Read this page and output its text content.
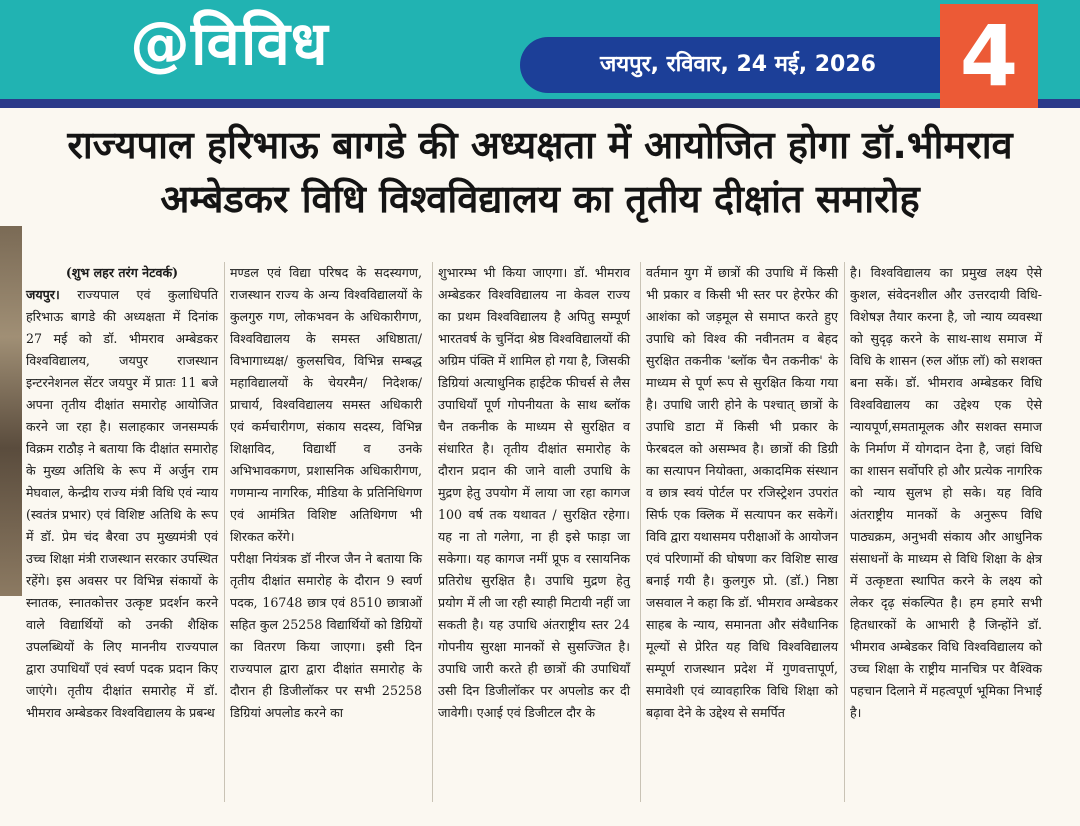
@विविध	जयपुर, रविवार, 24 मई, 2026 4
राज्यपाल हरिभाऊ बागडे की अध्यक्षता में आयोजित होगा डॉ.भीमराव
अम्बेडकर विधि विश्वविद्यालय का तृतीय दीक्षांत समारोह
(शुभ लहर तरंग नेटवर्क)

जयपुर। राज्यपाल एवं कुलाधिपति हरिभाऊ बागडे की अध्यक्षता में दिनांक 27 मई को डॉ. भीमराव अम्बेडकर विश्वविद्यालय, जयपुर राजस्थान इन्टरनेशनल सेंटर जयपुर में प्रातः 11 बजे अपना तृतीय दीक्षांत समारोह आयोजित करने जा रहा है। सलाहकार जनसम्पर्क विक्रम राठौड़ ने बताया कि दीक्षांत समारोह के मुख्य अतिथि के रूप में अर्जुन राम मेघवाल, केन्द्रीय राज्य मंत्री विधि एवं न्याय (स्वतंत्र प्रभार) एवं विशिष्ट अतिथि के रूप में डॉ. प्रेम चंद बैरवा उप मुख्यमंत्री एवं उच्च शिक्षा मंत्री राजस्थान सरकार उपस्थित रहेंगे। इस अवसर पर विभिन्न संकायों के स्नातक, स्नातकोत्तर उत्कृष्ट प्रदर्शन करने वाले विद्यार्थियों को उनकी शैक्षिक उपलब्धियों के लिए माननीय राज्यपाल द्वारा उपाधियाँ एवं स्वर्ण पदक प्रदान किए जाएंगे। तृतीय दीक्षांत समारोह में डॉ. भीमराव अम्बेडकर विश्वविद्यालय के प्रबन्ध

मण्डल एवं विद्या परिषद के सदस्यगण, राजस्थान राज्य के अन्य विश्वविद्यालयों के कुलगुरु गण, लोकभवन के अधिकारीगण, विश्वविद्यालय के समस्त अधिष्ठाता/ विभागाध्यक्ष/ कुलसचिव, विभिन्न सम्बद्ध महाविद्यालयों के चेयरमैन/ निदेशक/ प्राचार्य, विश्वविद्यालय समस्त अधिकारी एवं कर्मचारीगण, संकाय सदस्य, विभिन्न शिक्षाविद, विद्यार्थी व उनके अभिभावकगण, प्रशासनिक अधिकारीगण, गणमान्य नागरिक, मीडिया के प्रतिनिधिगण एवं आमंत्रित विशिष्ट अतिथिगण भी शिरकत करेंगे।

परीक्षा नियंत्रक डॉ नीरज जैन ने बताया कि तृतीय दीक्षांत समारोह के दौरान 9 स्वर्ण पदक, 16748 छात्र एवं 8510 छात्राओं सहित कुल 25258 विद्यार्थियों को डिग्रियों का वितरण किया जाएगा। इसी दिन राज्यपाल द्वारा द्वारा दीक्षांत समारोह के दौरान ही डिजीलॉकर पर सभी 25258 डिग्रियां अपलोड करने का

शुभारम्भ भी किया जाएगा। डॉ. भीमराव अम्बेडकर विश्वविद्यालय ना केवल राज्य का प्रथम विश्वविद्यालय है अपितु सम्पूर्ण भारतवर्ष के चुनिंदा श्रेष्ठ विश्वविद्यालयों की अग्रिम पंक्ति में शामिल हो गया है, जिसकी डिग्रियां अत्याधुनिक हाईटेक फीचर्स से लैस उपाधियाँ पूर्ण गोपनीयता के साथ ब्लॉक चैन तकनीक के माध्यम से सुरक्षित व संधारित है। तृतीय दीक्षांत समारोह के दौरान प्रदान की जाने वाली उपाधि के मुद्रण हेतु उपयोग में लाया जा रहा कागज 100 वर्ष तक यथावत / सुरक्षित रहेगा। यह ना तो गलेगा, ना ही इसे फाड़ा जा सकेगा। यह कागज नमीं प्रूफ व रसायनिक प्रतिरोध सुरक्षित है। उपाधि मुद्रण हेतु प्रयोग में ली जा रही स्याही मिटायी नहीं जा सकती है। यह उपाधि अंतराष्ट्रीय स्तर 24 गोपनीय सुरक्षा मानकों से सुसज्जित है। उपाधि जारी करते ही छात्रों की उपाधियाँ उसी दिन डिजीलॉकर पर अपलोड कर दी जावेगी। एआई एवं डिजीटल दौर के

वर्तमान युग में छात्रों की उपाधि में किसी भी प्रकार व किसी भी स्तर पर हेरफेर की आशंका को जड़मूल से समाप्त करते हुए उपाधि को विश्व की नवीनतम व बेहद सुरक्षित तकनीक 'ब्लॉक चैन तकनीक' के माध्यम से पूर्ण रूप से सुरक्षित किया गया है। उपाधि जारी होने के पश्चात् छात्रों के उपाधि डाटा में किसी भी प्रकार के फेरबदल को असम्भव है। छात्रों की डिग्री का सत्यापन नियोक्ता, अकादमिक संस्थान व छात्र स्वयं पोर्टल पर रजिस्ट्रेशन उपरांत सिर्फ एक क्लिक में सत्यापन कर सकेगें। विवि द्वारा यथासमय परीक्षाओं के आयोजन एवं परिणामों की घोषणा कर विशिष्ट साख बनाई गयी है। कुलगुरु प्रो. (डॉ.) निष्ठा जसवाल ने कहा कि डॉ. भीमराव अम्बेडकर साहब के न्याय, समानता और संवैधानिक मूल्यों से प्रेरित यह विधि विश्वविद्यालय सम्पूर्ण राजस्थान प्रदेश में गुणवत्तापूर्ण, समावेशी एवं व्यावहारिक विधि शिक्षा को बढ़ावा देने के उद्देश्य से समर्पित

है। विश्वविद्यालय का प्रमुख लक्ष्य ऐसे कुशल, संवेदनशील और उत्तरदायी विधि-विशेषज्ञ तैयार करना है, जो न्याय व्यवस्था को सुदृढ़ करने के साथ-साथ समाज में विधि के शासन (रुल ऑफ़ लॉ) को सशक्त बना सकें। डॉ. भीमराव अम्बेडकर विधि विश्वविद्यालय का उद्देश्य एक ऐसे न्यायपूर्ण,समतामूलक और सशक्त समाज के निर्माण में योगदान देना है, जहां विधि का शासन सर्वोपरि हो और प्रत्येक नागरिक को न्याय सुलभ हो सके। यह विवि अंतराष्ट्रीय मानकों के अनुरूप विधि पाठ्यक्रम, अनुभवी संकाय और आधुनिक संसाधनों के माध्यम से विधि शिक्षा के क्षेत्र में उत्कृष्टता स्थापित करने के लक्ष्य को लेकर दृढ़ संकल्पित है। हम हमारे सभी हितधारकों के आभारी है जिन्होंने डॉ. भीमराव अम्बेडकर विधि विश्वविद्यालय को उच्च शिक्षा के राष्ट्रीय मानचित्र पर वैश्विक पहचान दिलाने में महत्वपूर्ण भूमिका निभाई है।
